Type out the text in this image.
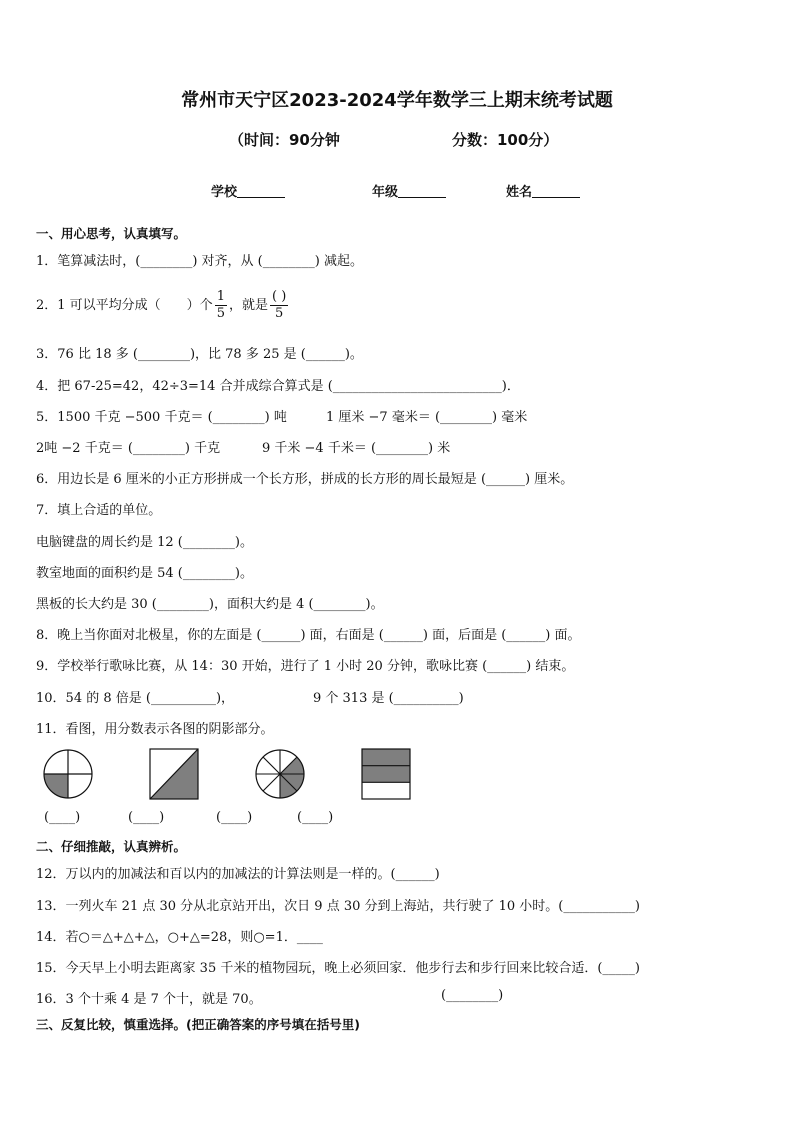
常州市天宁区2023-2024学年数学三上期末统考试题
（时间：90分钟	分数：100分）
学校	年级	姓名
一、用心思考，认真填写。
1．笔算减法时，(________) 对齐，从 (________) 减起。
2．1 可以平均分成（　　）个 $\frac{1}{5}$ ，就是 $\frac{( )}{5}$
3．76 比 18 多 (________)，比 78 多 25 是 (______)。
4．把 67-25=42，42÷3=14 合并成综合算式是 (__________________________)．
5．1500 千克 −500 千克＝ (________) 吨	1 厘米 −7 毫米＝ (________) 毫米
2吨 −2 千克＝ (________) 千克	9 千米 −4 千米＝ (________) 米
6．用边长是 6 厘米的小正方形拼成一个长方形，拼成的长方形的周长最短是 (______) 厘米。
7．填上合适的单位。
电脑键盘的周长约是 12 (________)。
教室地面的面积约是 54 (________)。
黑板的长大约是 30 (________)，面积大约是 4 (________)。
8．晚上当你面对北极星，你的左面是 (______) 面，右面是 (______) 面，后面是 (______) 面。
9．学校举行歌咏比赛，从 14：30 开始，进行了 1 小时 20 分钟，歌咏比赛 (______) 结束。
10．54 的 8 倍是 (__________)，	9 个 313 是 (__________)
11．看图，用分数表示各图的阴影部分。
(____)	(____)	(____)	(____)
二、仔细推敲，认真辨析。
12．万以内的加减法和百以内的加减法的计算法则是一样的。(______)
13．一列火车 21 点 30 分从北京站开出，次日 9 点 30 分到上海站，共行驶了 10 小时。(___________)
14．若○＝△+△+△，○+△=28，则○=1．____
15．今天早上小明去距离家 35 千米的植物园玩，晚上必须回家．他步行去和步行回来比较合适．(_____)
16．3 个十乘 4 是 7 个十，就是 70。	(________)
三、反复比较，慎重选择。(把正确答案的序号填在括号里)
